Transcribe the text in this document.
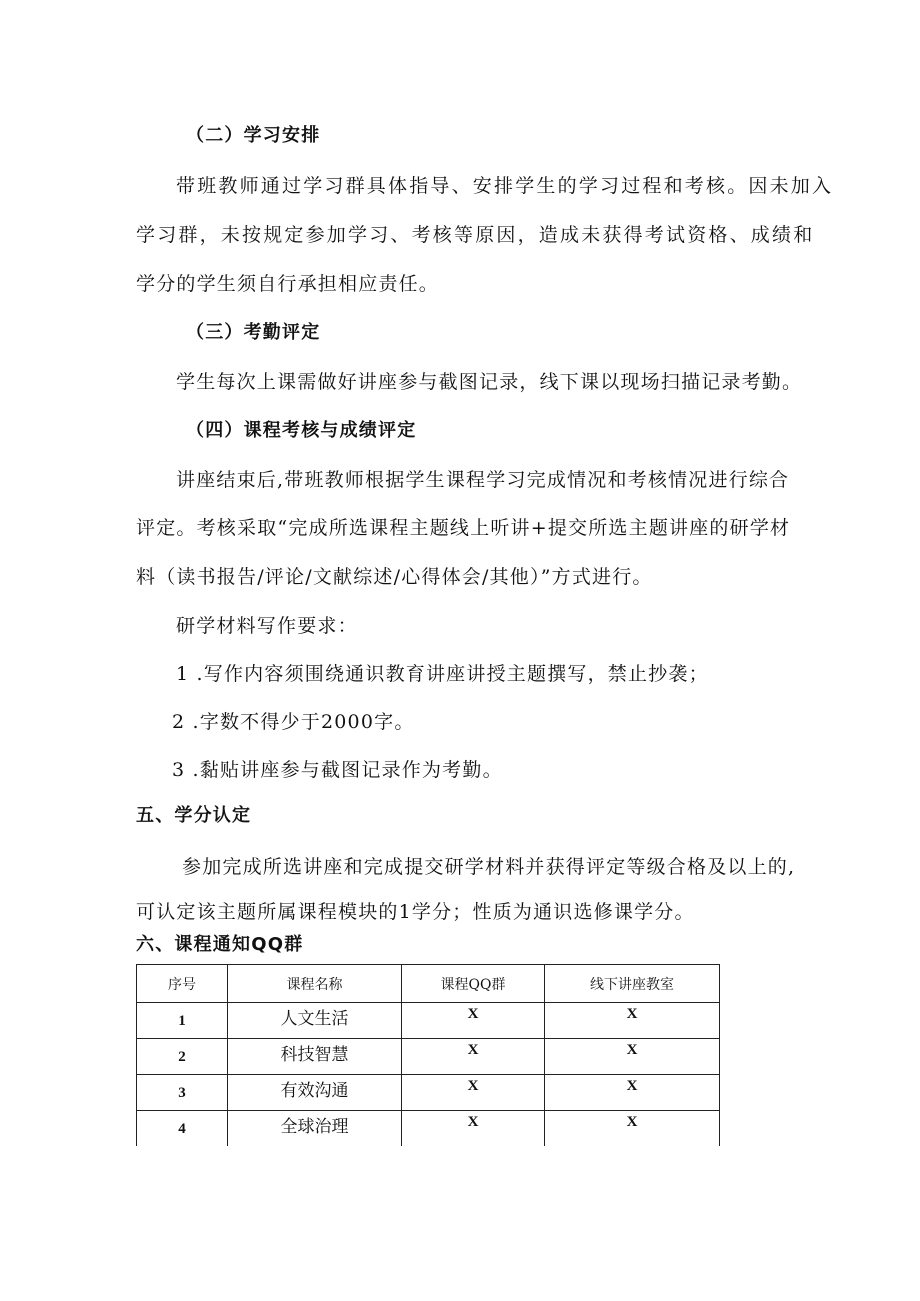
（二）学习安排
带班教师通过学习群具体指导、安排学生的学习过程和考核。因未加入
学习群，未按规定参加学习、考核等原因，造成未获得考试资格、成绩和
学分的学生须自行承担相应责任。
（三）考勤评定
学生每次上课需做好讲座参与截图记录，线下课以现场扫描记录考勤。
（四）课程考核与成绩评定
讲座结束后,带班教师根据学生课程学习完成情况和考核情况进行综合
评定。考核采取“完成所选课程主题线上听讲+提交所选主题讲座的研学材
料（读书报告/评论/文献综述/心得体会/其他）”方式进行。
研学材料写作要求：
1 .写作内容须围绕通识教育讲座讲授主题撰写，禁止抄袭；
2 .字数不得少于2000字。
3 .黏贴讲座参与截图记录作为考勤。
五、学分认定
参加完成所选讲座和完成提交研学材料并获得评定等级合格及以上的,
可认定该主题所属课程模块的1学分；性质为通识选修课学分。
六、课程通知QQ群
序号	课程名称	课程QQ群	线下讲座教室
1	人文生活	X	X
2	科技智慧	X	X
3	有效沟通	X	X
4	全球治理	X	X
